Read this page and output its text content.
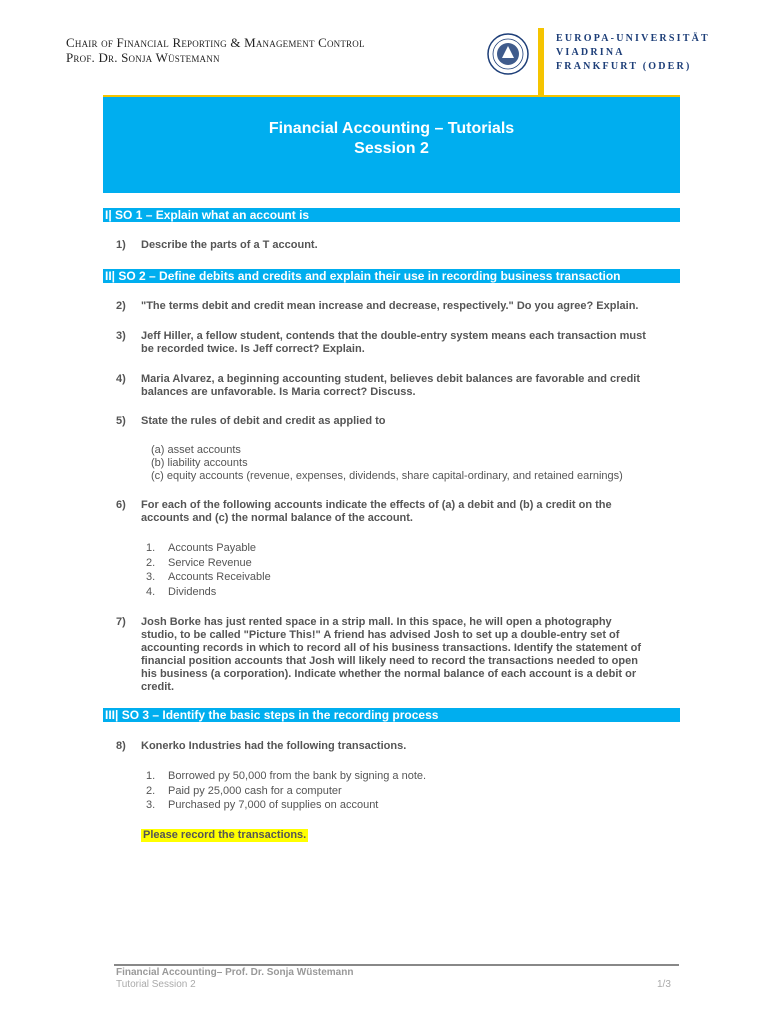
Chair of Financial Reporting & Management Control
Prof. Dr. Sonja Wüstemann
EUROPA-UNIVERSITÄT
VIADRINA
FRANKFURT (ODER)
Financial Accounting – Tutorials
Session 2
I| SO 1 – Explain what an account is
1) Describe the parts of a T account.
II| SO 2 – Define debits and credits and explain their use in recording business transaction
2) "The terms debit and credit mean increase and decrease, respectively." Do you agree? Explain.
3) Jeff Hiller, a fellow student, contends that the double-entry system means each transaction must
be recorded twice. Is Jeff correct? Explain.
4) Maria Alvarez, a beginning accounting student, believes debit balances are favorable and credit
balances are unfavorable. Is Maria correct? Discuss.
5) State the rules of debit and credit as applied to
(a) asset accounts
(b) liability accounts
(c) equity accounts (revenue, expenses, dividends, share capital-ordinary, and retained earnings)
6) For each of the following accounts indicate the effects of (a) a debit and (b) a credit on the
accounts and (c) the normal balance of the account.
1. Accounts Payable
2. Service Revenue
3. Accounts Receivable
4. Dividends
7) Josh Borke has just rented space in a strip mall. In this space, he will open a photography
studio, to be called "Picture This!" A friend has advised Josh to set up a double-entry set of
accounting records in which to record all of his business transactions. Identify the statement of
financial position accounts that Josh will likely need to record the transactions needed to open
his business (a corporation). Indicate whether the normal balance of each account is a debit or
credit.
III| SO 3 – Identify the basic steps in the recording process
8) Konerko Industries had the following transactions.
1. Borrowed py 50,000 from the bank by signing a note.
2. Paid py 25,000 cash for a computer
3. Purchased py 7,000 of supplies on account
Please record the transactions.
Financial Accounting– Prof. Dr. Sonja Wüstemann
Tutorial Session 2	1/3
